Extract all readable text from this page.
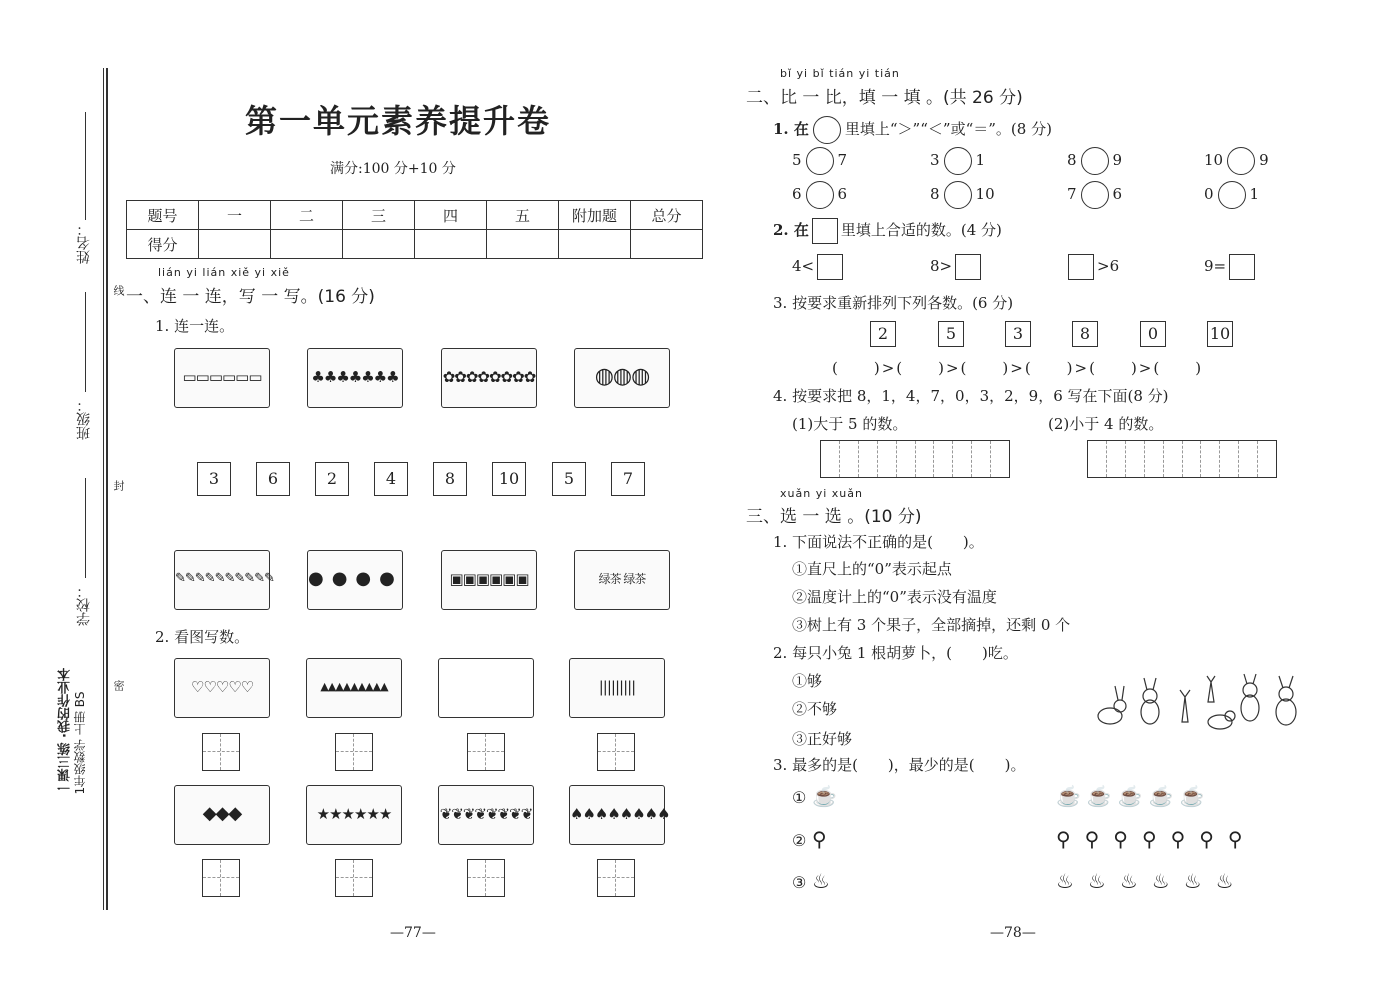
姓名：
班级：
学校：
线
封
密
一课三练 ·我的作业本 1年级数学 上册 BS
第一单元素养提升卷
满分:100 分+10 分
题号	一	二	三	四	五	附加题	总分
得分							
lián yi lián xiě yi xiě
一、连 一 连，写 一 写。(16 分)
1. 连一连。
▭▭▭▭▭▭	♣♣♣♣♣♣♣	✿✿✿✿✿✿✿✿	◍◍◍
3	6	2	4	8	10	5	7
✎✎✎✎✎✎✎✎✎✎ ●●●●	▣▣▣▣▣▣	绿茶 绿茶
2. 看图写数。
♡♡♡♡♡	▲▲▲▲▲▲▲▲▲	|||||||||
◆◆◆	★★★★★★	❦❦❦❦❦❦❦❦	♠♠♠♠♠♠♠♠
—77—
bǐ yi bǐ tián yi tián
二、比 一 比，填 一 填 。(共 26 分)
1. 在 里填上“＞”“＜”或“＝”。(8 分)
5 7	3 1	8 9	10 9
6 6	8 10	7 6	0 1
2. 在 里填上合适的数。(4 分)
4<	8>	>6	9=
3. 按要求重新排列下列各数。(6 分)
2	5	3	8	0	10
(　　)>(　　)>(　　)>(　　)>(　　)>(　　)
4. 按要求把 8，1，4，7，0，3，2，9，6 写在下面(8 分)
(1)大于 5 的数。	(2)小于 4 的数。
xuǎn yi xuǎn
三、选 一 选 。(10 分)
1. 下面说法不正确的是(　　)。
①直尺上的“0”表示起点
②温度计上的“0”表示没有温度
③树上有 3 个果子，全部摘掉，还剩 0 个
2. 每只小兔 1 根胡萝卜，(　　)吃。
①够
②不够
③正好够
3. 最多的是(　　)，最少的是(　　)。
① ☕	☕☕☕☕☕
② ⚲	⚲⚲⚲⚲⚲⚲⚲
③ ♨	♨♨♨♨♨♨
—78—
